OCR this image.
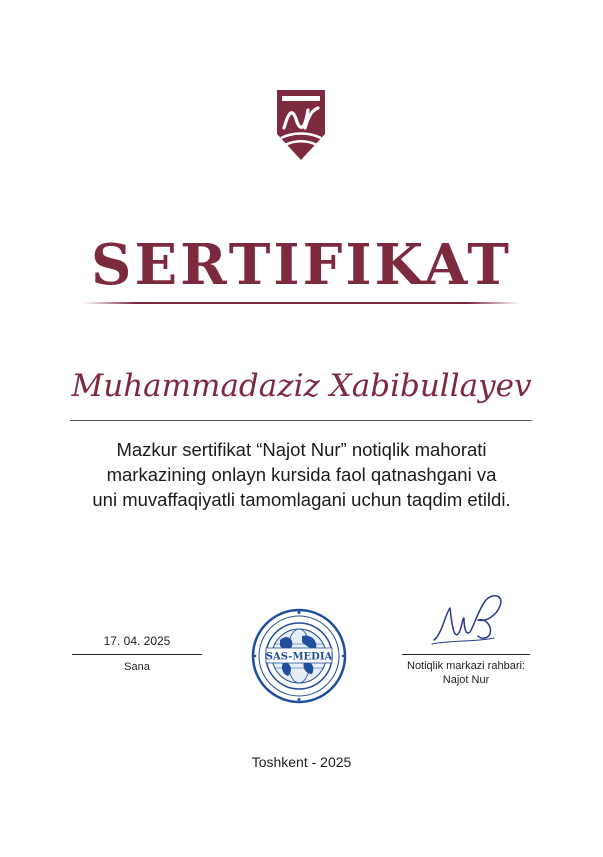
SERTIFIKAT
Muhammadaziz Xabibullayev
Mazkur sertifikat “Najot Nur” notiqlik mahorati
markazining onlayn kursida faol qatnashgani va
uni muvaffaqiyatli tamomlagani uchun taqdim etildi.
17. 04. 2025
Sana
SAS-MEDIA
Notiqlik markazi rahbari:
Najot Nur
Toshkent - 2025
